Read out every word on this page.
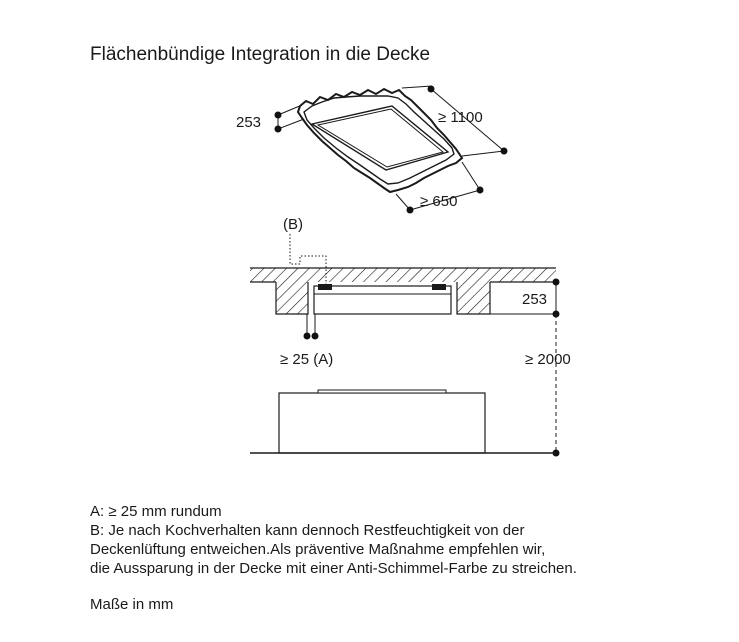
Flächenbündige Integration in die Decke
253	≥ 1100
≥ 650
(B)
≥ 25 (A)
253
≥ 2000
A: ≥ 25 mm rundum
B: Je nach Kochverhalten kann dennoch Restfeuchtigkeit von der
Deckenlüftung entweichen.Als präventive Maßnahme empfehlen wir,
die Aussparung in der Decke mit einer Anti-Schimmel-Farbe zu streichen.
Maße in mm
